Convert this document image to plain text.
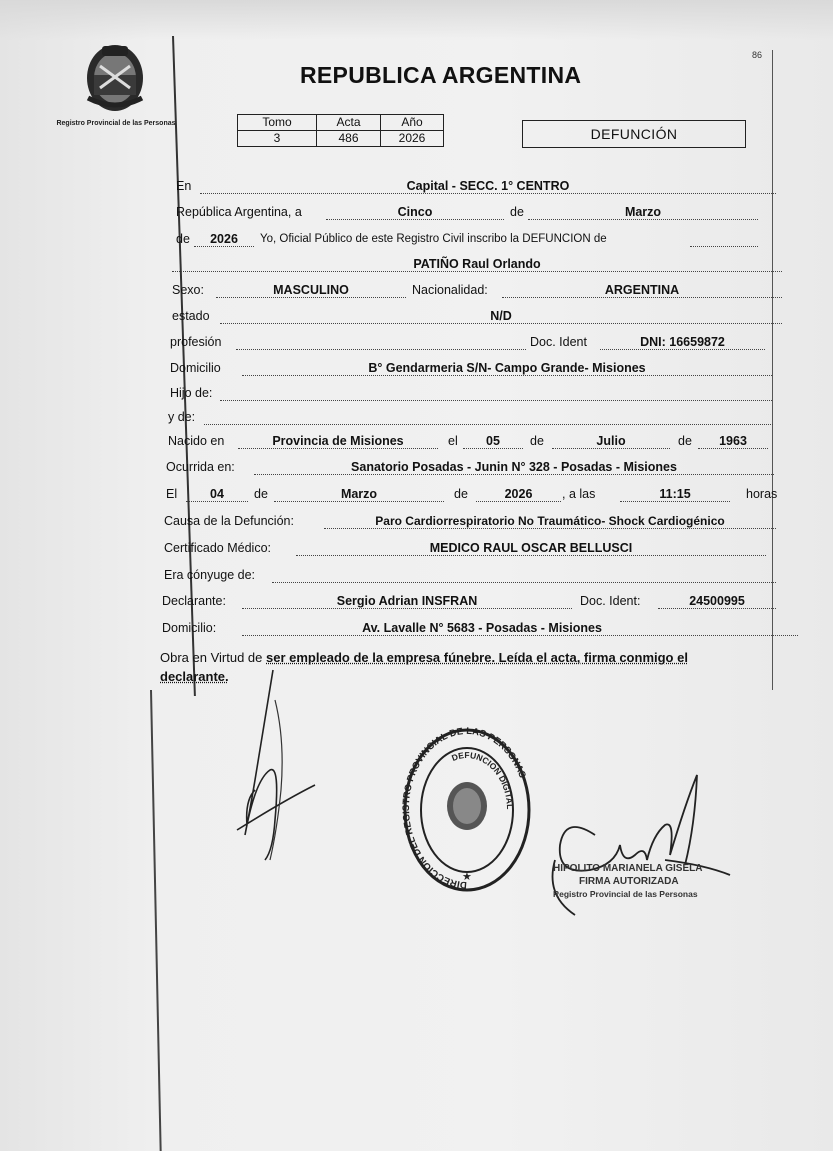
Registro Provincial de las Personas
86
REPUBLICA ARGENTINA
Tomo	Acta	Año
3	486	2026	DEFUNCIÓN
En	Capital - SECC. 1° CENTRO
República Argentina, a	Cinco	de	Marzo
de	2026	Yo, Oficial Público de este Registro Civil inscribo la DEFUNCION de
PATIÑO Raul Orlando
Sexo:	MASCULINO	Nacionalidad:	ARGENTINA
estado	N/D
profesión	Doc. Ident	DNI: 16659872
Domicilio	B° Gendarmeria S/N- Campo Grande- Misiones
Hijo de:
y de:
Nacido en	Provincia de Misiones	el	05	de	Julio	de	1963
Ocurrida en:	Sanatorio Posadas - Junin N° 328 - Posadas - Misiones
El	04	de	Marzo	de	2026	, a las	11:15	horas
Causa de la Defunción:	Paro Cardiorrespiratorio No Traumático- Shock Cardiogénico
Certificado Médico:	MEDICO RAUL OSCAR BELLUSCI
Era cónyuge de:
Declarante:	Sergio Adrian INSFRAN	Doc. Ident:	24500995
Domicilio:	Av. Lavalle N° 5683 - Posadas - Misiones
Obra en Virtud de ser empleado de la empresa fúnebre. Leída el acta, firma conmigo el
declarante.
DIRECCION DEL REGISTRO PROVINCIAL DE LAS PERSONAS
DEFUNCION DIGITAL
★
HIPOLITO MARIANELA GISELA
FIRMA AUTORIZADA
Registro Provincial de las Personas
